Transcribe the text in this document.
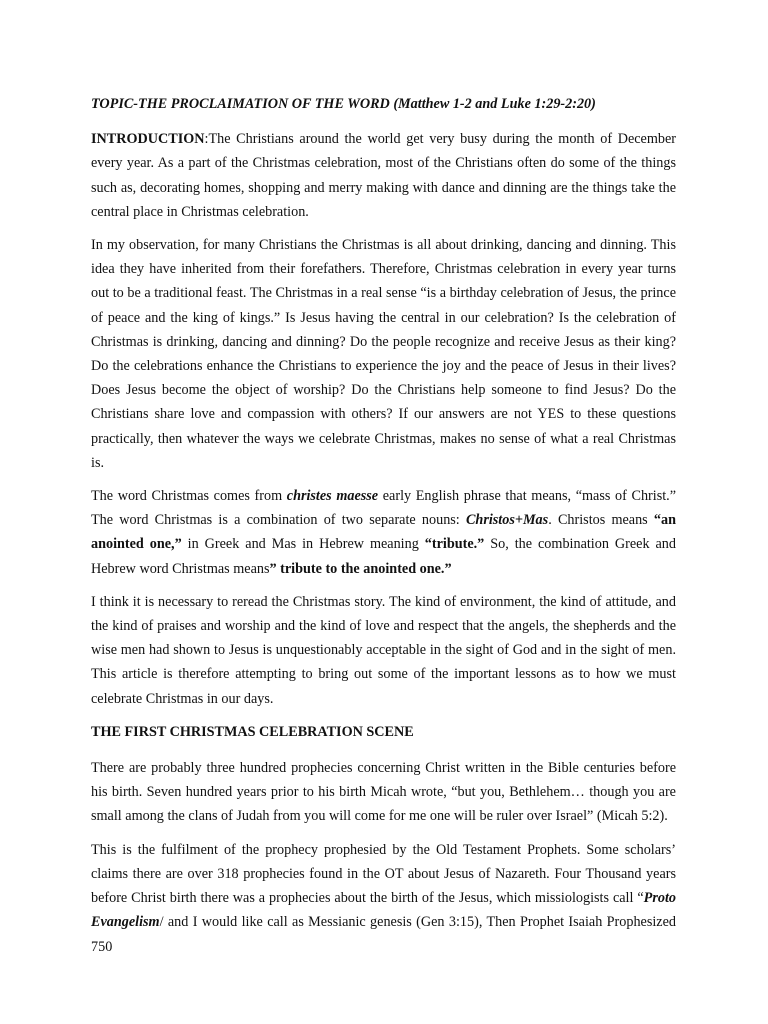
TOPIC-THE PROCLAIMATION OF THE WORD (Matthew 1-2 and Luke 1:29-2:20)

INTRODUCTION:The Christians around the world get very busy during the month of December every year. As a part of the Christmas celebration, most of the Christians often do some of the things such as, decorating homes, shopping and merry making with dance and dinning are the things take the central place in Christmas celebration.

In my observation, for many Christians the Christmas is all about drinking, dancing and dinning. This idea they have inherited from their forefathers. Therefore, Christmas celebration in every year turns out to be a traditional feast. The Christmas in a real sense “is a birthday celebration of Jesus, the prince of peace and the king of kings.” Is Jesus having the central in our celebration? Is the celebration of Christmas is drinking, dancing and dinning? Do the people recognize and receive Jesus as their king? Do the celebrations enhance the Christians to experience the joy and the peace of Jesus in their lives? Does Jesus become the object of worship? Do the Christians help someone to find Jesus? Do the Christians share love and compassion with others? If our answers are not YES to these questions practically, then whatever the ways we celebrate Christmas, makes no sense of what a real Christmas is.

The word Christmas comes from christes maesse early English phrase that means, “mass of Christ.” The word Christmas is a combination of two separate nouns: Christos+Mas. Christos means “an anointed one,” in Greek and Mas in Hebrew meaning “tribute.” So, the combination Greek and Hebrew word Christmas means” tribute to the anointed one.”

I think it is necessary to reread the Christmas story. The kind of environment, the kind of attitude, and the kind of praises and worship and the kind of love and respect that the angels, the shepherds and the wise men had shown to Jesus is unquestionably acceptable in the sight of God and in the sight of men. This article is therefore attempting to bring out some of the important lessons as to how we must celebrate Christmas in our days.

THE FIRST CHRISTMAS CELEBRATION SCENE

There are probably three hundred prophecies concerning Christ written in the Bible centuries before his birth. Seven hundred years prior to his birth Micah wrote, “but you, Bethlehem… though you are small among the clans of Judah from you will come for me one will be ruler over Israel” (Micah 5:2).

This is the fulfilment of the prophecy prophesied by the Old Testament Prophets. Some scholars’ claims there are over 318 prophecies found in the OT about Jesus of Nazareth. Four Thousand years before Christ birth there was a prophecies about the birth of the Jesus, which missiologists call “Proto Evangelism/ and I would like call as Messianic genesis (Gen 3:15), Then Prophet Isaiah Prophesized 750
